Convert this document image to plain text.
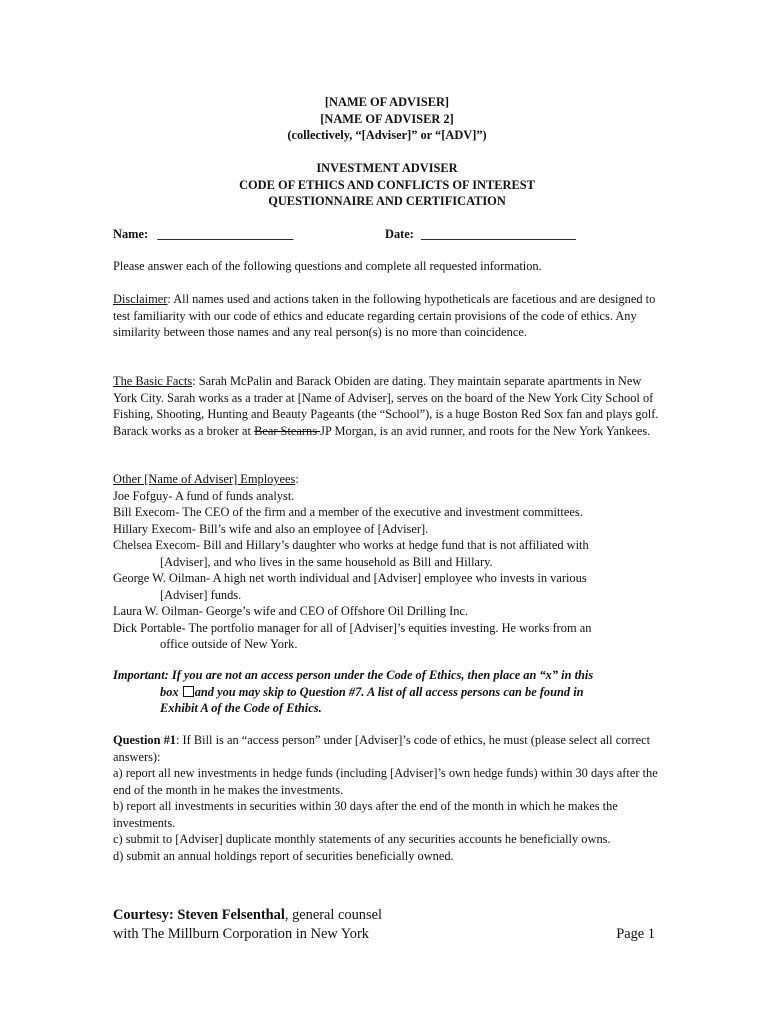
[NAME OF ADVISER]
[NAME OF ADVISER 2]
(collectively, “[Adviser]” or “[ADV]”)
INVESTMENT ADVISER
CODE OF ETHICS AND CONFLICTS OF INTEREST
QUESTIONNAIRE AND CERTIFICATION
Name: ______________________	Date: _________________________
Please answer each of the following questions and complete all requested information.
Disclaimer: All names used and actions taken in the following hypotheticals are facetious and are designed to test familiarity with our code of ethics and educate regarding certain provisions of the code of ethics. Any similarity between those names and any real person(s) is no more than coincidence.
The Basic Facts: Sarah McPalin and Barack Obiden are dating. They maintain separate apartments in New York City. Sarah works as a trader at [Name of Adviser], serves on the board of the New York City School of Fishing, Shooting, Hunting and Beauty Pageants (the “School”), is a huge Boston Red Sox fan and plays golf. Barack works as a broker at Bear Stearns JP Morgan, is an avid runner, and roots for the New York Yankees.
Other [Name of Adviser] Employees:
Joe Fofguy- A fund of funds analyst.
Bill Execom- The CEO of the firm and a member of the executive and investment committees.
Hillary Execom- Bill’s wife and also an employee of [Adviser].
Chelsea Execom- Bill and Hillary’s daughter who works at hedge fund that is not affiliated with
[Adviser], and who lives in the same household as Bill and Hillary.
George W. Oilman- A high net worth individual and [Adviser] employee who invests in various
[Adviser] funds.
Laura W. Oilman- George’s wife and CEO of Offshore Oil Drilling Inc.
Dick Portable- The portfolio manager for all of [Adviser]’s equities investing. He works from an
office outside of New York.
Important: If you are not an access person under the Code of Ethics, then place an “x” in this
box and you may skip to Question #7. A list of all access persons can be found in
Exhibit A of the Code of Ethics.
Question #1: If Bill is an “access person” under [Adviser]’s code of ethics, he must (please select all correct answers):
a) report all new investments in hedge funds (including [Adviser]’s own hedge funds) within 30 days after the end of the month in he makes the investments.
b) report all investments in securities within 30 days after the end of the month in which he makes the investments.
c) submit to [Adviser] duplicate monthly statements of any securities accounts he beneficially owns.
d) submit an annual holdings report of securities beneficially owned.
Courtesy: Steven Felsenthal, general counsel
with The Millburn Corporation in New York	Page 1
